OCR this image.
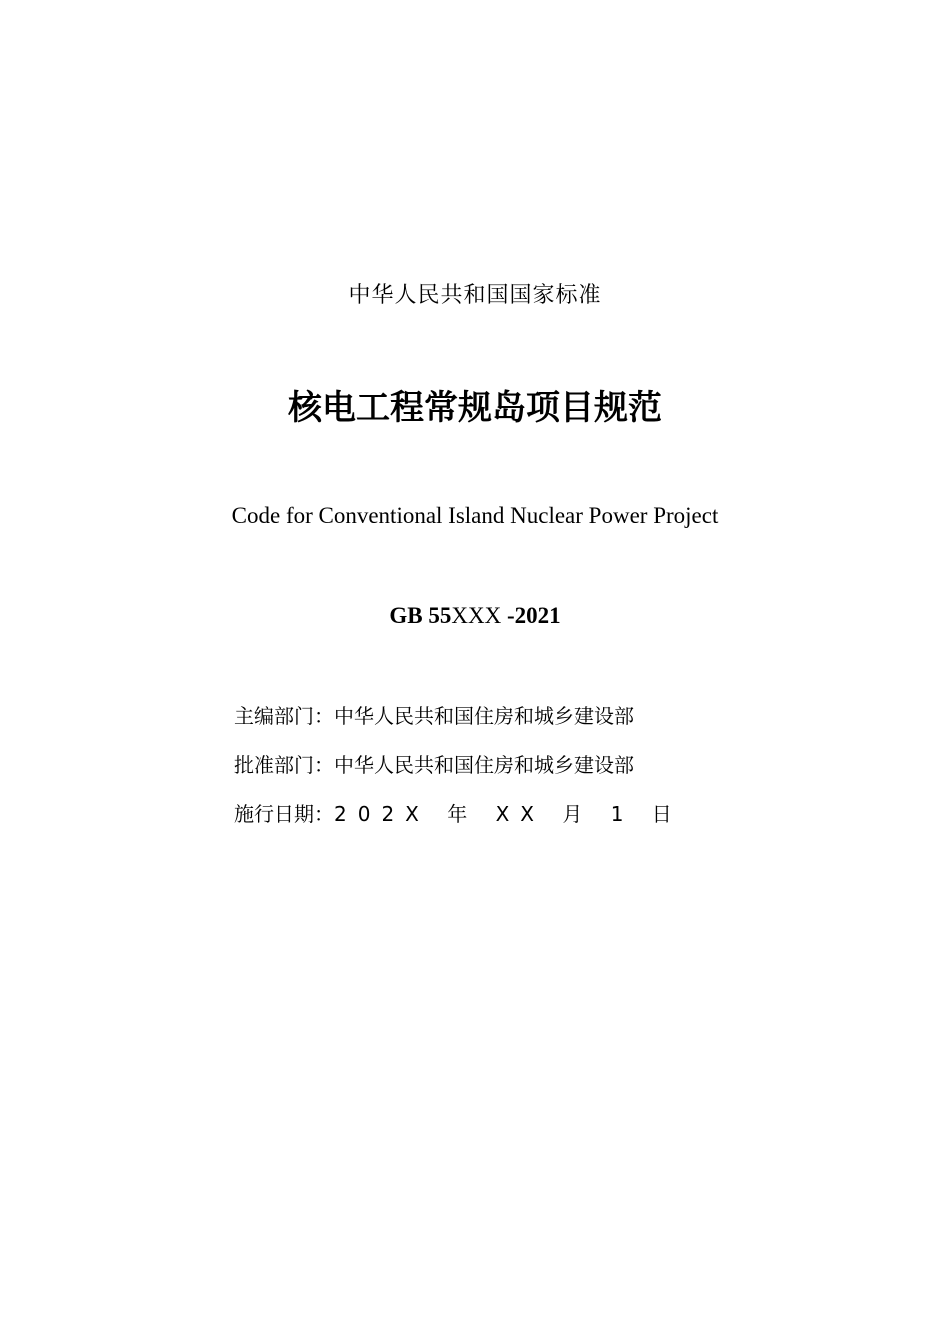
中华人民共和国国家标准
核电工程常规岛项目规范
Code for Conventional Island Nuclear Power Project
GB 55XXX -2021
主编部门：中华人民共和国住房和城乡建设部
批准部门：中华人民共和国住房和城乡建设部
施行日期：202X 年 XX 月 1 日
